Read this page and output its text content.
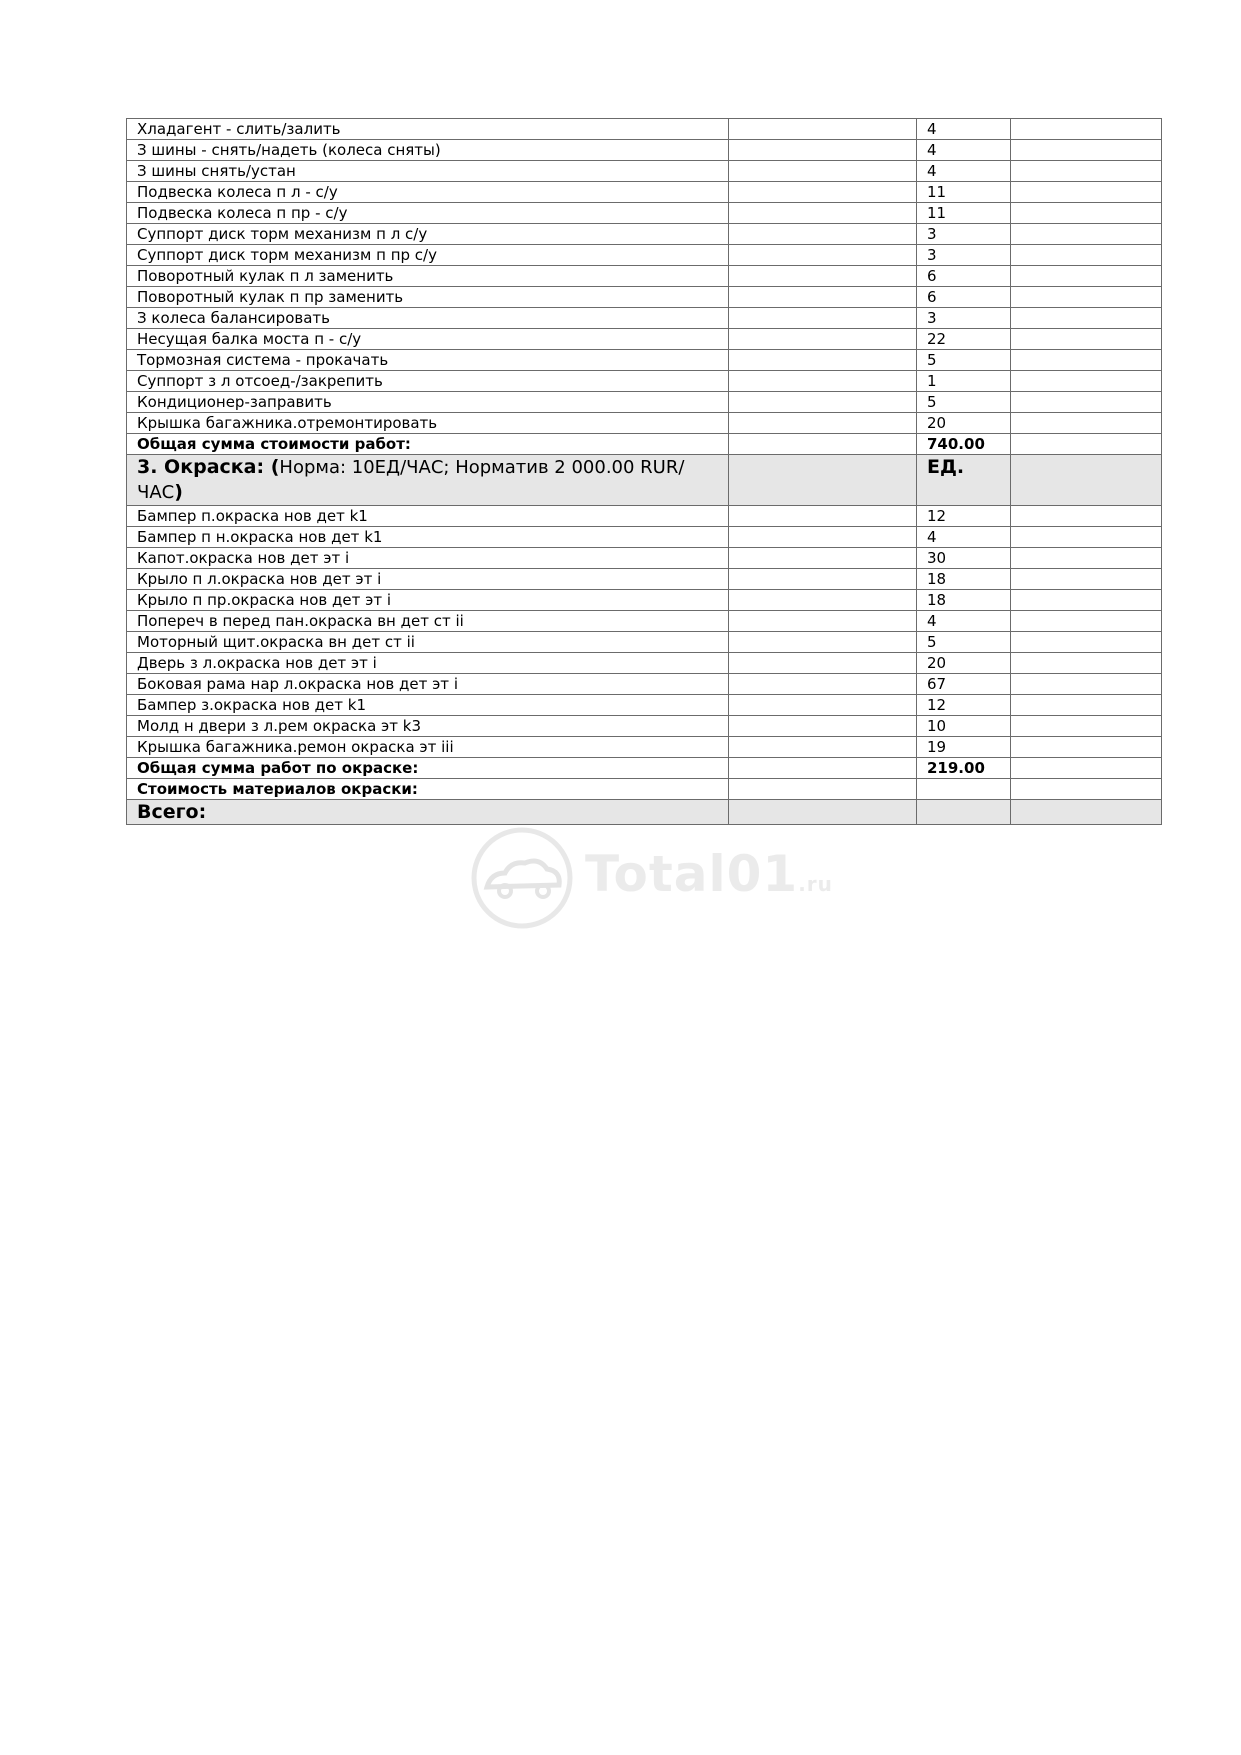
Хладагент - слить/залить		4	
З шины - снять/надеть (колеса сняты)		4	
З шины снять/устан		4	
Подвеска колеса п л - с/у		11	
Подвеска колеса п пр - с/у		11	
Суппорт диск торм механизм п л с/у		3	
Суппорт диск торм механизм п пр с/у		3	
Поворотный кулак п л заменить		6	
Поворотный кулак п пр заменить		6	
З колеса балансировать		3	
Несущая балка моста п - с/у		22	
Тормозная система - прокачать		5	
Суппорт з л отсоед-/закрепить		1	
Кондиционер-заправить		5	
Крышка багажника.отремонтировать		20	
Общая сумма стоимости работ:		740.00	
3. Окраска: (Норма: 10ЕД/ЧАС; Норматив 2 000.00 RUR/ЧАС)		ЕД.	
Бампер п.окраска нов дет k1		12	
Бампер п н.окраска нов дет k1		4	
Капот.окраска нов дет эт i		30	
Крыло п л.окраска нов дет эт i		18	
Крыло п пр.окраска нов дет эт i		18	
Попереч в перед пан.окраска вн дет ст ii		4	
Моторный щит.окраска вн дет ст ii		5	
Дверь з л.окраска нов дет эт i		20	
Боковая рама нар л.окраска нов дет эт i		67	
Бампер з.окраска нов дет k1		12	
Молд н двери з л.рем окраска эт k3		10	
Крышка багажника.ремон окраска эт iii		19	
Общая сумма работ по окраске:		219.00	
Стоимость материалов окраски:			
Всего:			
Total01.ru
